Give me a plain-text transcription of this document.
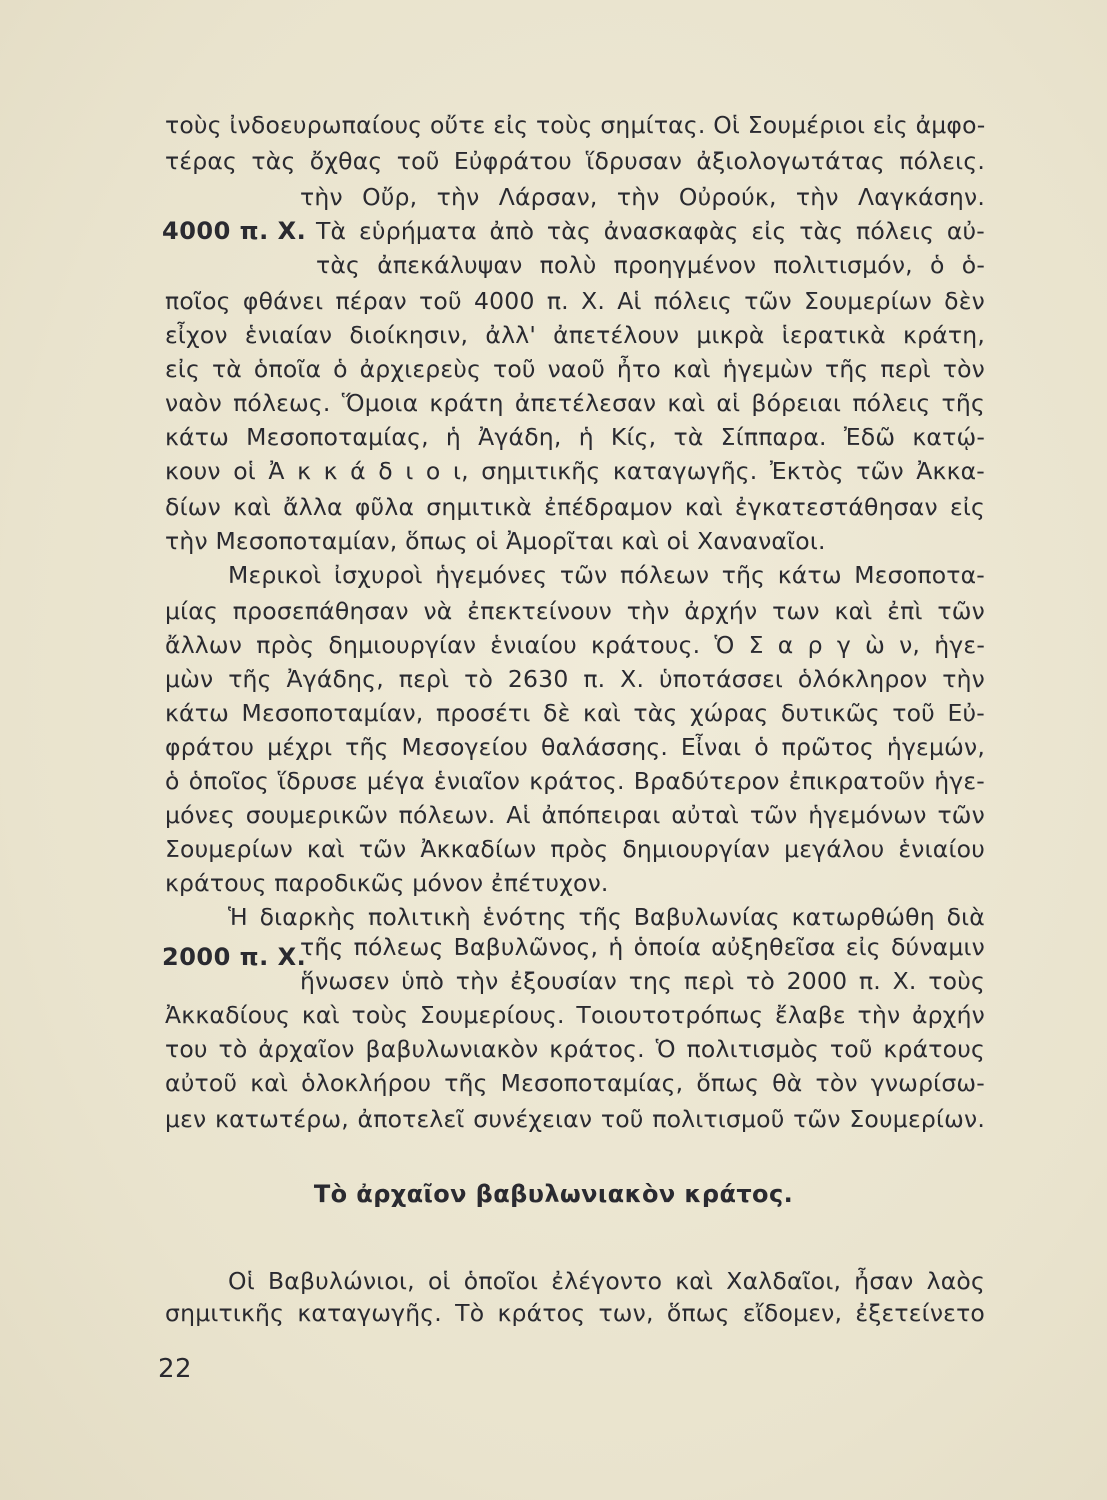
τοὺς ἰνδοευρωπαίους οὔτε εἰς τοὺς σημίτας. Οἱ Σουμέριοι εἰς ἀμφο-
τέρας τὰς ὄχθας τοῦ Εὐφράτου ἵδρυσαν ἀξιολογωτάτας πόλεις.
τὴν Οὔρ, τὴν Λάρσαν, τὴν Οὐρούκ, τὴν Λαγκάσην.
4000 π. Χ. Τὰ εὑρήματα ἀπὸ τὰς ἀνασκαφὰς εἰς τὰς πόλεις αὐ-
τὰς ἀπεκάλυψαν πολὺ προηγμένον πολιτισμόν, ὁ ὁ-
ποῖος φθάνει πέραν τοῦ 4000 π. Χ. Αἱ πόλεις τῶν Σουμερίων δὲν
εἶχον ἑνιαίαν διοίκησιν, ἀλλ' ἀπετέλουν μικρὰ ἱερατικὰ κράτη,
εἰς τὰ ὁποῖα ὁ ἀρχιερεὺς τοῦ ναοῦ ἦτο καὶ ἡγεμὼν τῆς περὶ τὸν
ναὸν πόλεως. Ὅμοια κράτη ἀπετέλεσαν καὶ αἱ βόρειαι πόλεις τῆς
κάτω Μεσοποταμίας, ἡ Ἀγάδη, ἡ Κίς, τὰ Σίππαρα. Ἐδῶ κατῴ-
κουν οἱ Ἀ κ κ ά δ ι ο ι, σημιτικῆς καταγωγῆς. Ἐκτὸς τῶν Ἀκκα-
δίων καὶ ἄλλα φῦλα σημιτικὰ ἐπέδραμον καὶ ἐγκατεστάθησαν εἰς
τὴν Μεσοποταμίαν, ὅπως οἱ Ἀμορῖται καὶ οἱ Χαναναῖοι.
Μερικοὶ ἰσχυροὶ ἡγεμόνες τῶν πόλεων τῆς κάτω Μεσοποτα-
μίας προσεπάθησαν νὰ ἐπεκτείνουν τὴν ἀρχήν των καὶ ἐπὶ τῶν
ἄλλων πρὸς δημιουργίαν ἑνιαίου κράτους. Ὁ Σ α ρ γ ὼ ν, ἡγε-
μὼν τῆς Ἀγάδης, περὶ τὸ 2630 π. Χ. ὑποτάσσει ὁλόκληρον τὴν
κάτω Μεσοποταμίαν, προσέτι δὲ καὶ τὰς χώρας δυτικῶς τοῦ Εὐ-
φράτου μέχρι τῆς Μεσογείου θαλάσσης. Εἶναι ὁ πρῶτος ἡγεμών,
ὁ ὁποῖος ἵδρυσε μέγα ἑνιαῖον κράτος. Βραδύτερον ἐπικρατοῦν ἡγε-
μόνες σουμερικῶν πόλεων. Αἱ ἀπόπειραι αὐταὶ τῶν ἡγεμόνων τῶν
Σουμερίων καὶ τῶν Ἀκκαδίων πρὸς δημιουργίαν μεγάλου ἑνιαίου
κράτους παροδικῶς μόνον ἐπέτυχον.
Ἡ διαρκὴς πολιτικὴ ἑνότης τῆς Βαβυλωνίας κατωρθώθη διὰ
2000 π. Χ.
τῆς πόλεως Βαβυλῶνος, ἡ ὁποία αὐξηθεῖσα εἰς δύναμιν
ἥνωσεν ὑπὸ τὴν ἐξουσίαν της περὶ τὸ 2000 π. Χ. τοὺς
Ἀκκαδίους καὶ τοὺς Σουμερίους. Τοιουτοτρόπως ἔλαβε τὴν ἀρχήν
του τὸ ἀρχαῖον βαβυλωνιακὸν κράτος. Ὁ πολιτισμὸς τοῦ κράτους
αὐτοῦ καὶ ὁλοκλήρου τῆς Μεσοποταμίας, ὅπως θὰ τὸν γνωρίσω-
μεν κατωτέρω, ἀποτελεῖ συνέχειαν τοῦ πολιτισμοῦ τῶν Σουμερίων.
Τὸ ἀρχαῖον βαβυλωνιακὸν κράτος.
Οἱ Βαβυλώνιοι, οἱ ὁποῖοι ἐλέγοντο καὶ Χαλδαῖοι, ἦσαν λαὸς
σημιτικῆς καταγωγῆς. Τὸ κράτος των, ὅπως εἴδομεν, ἐξετείνετο
22
